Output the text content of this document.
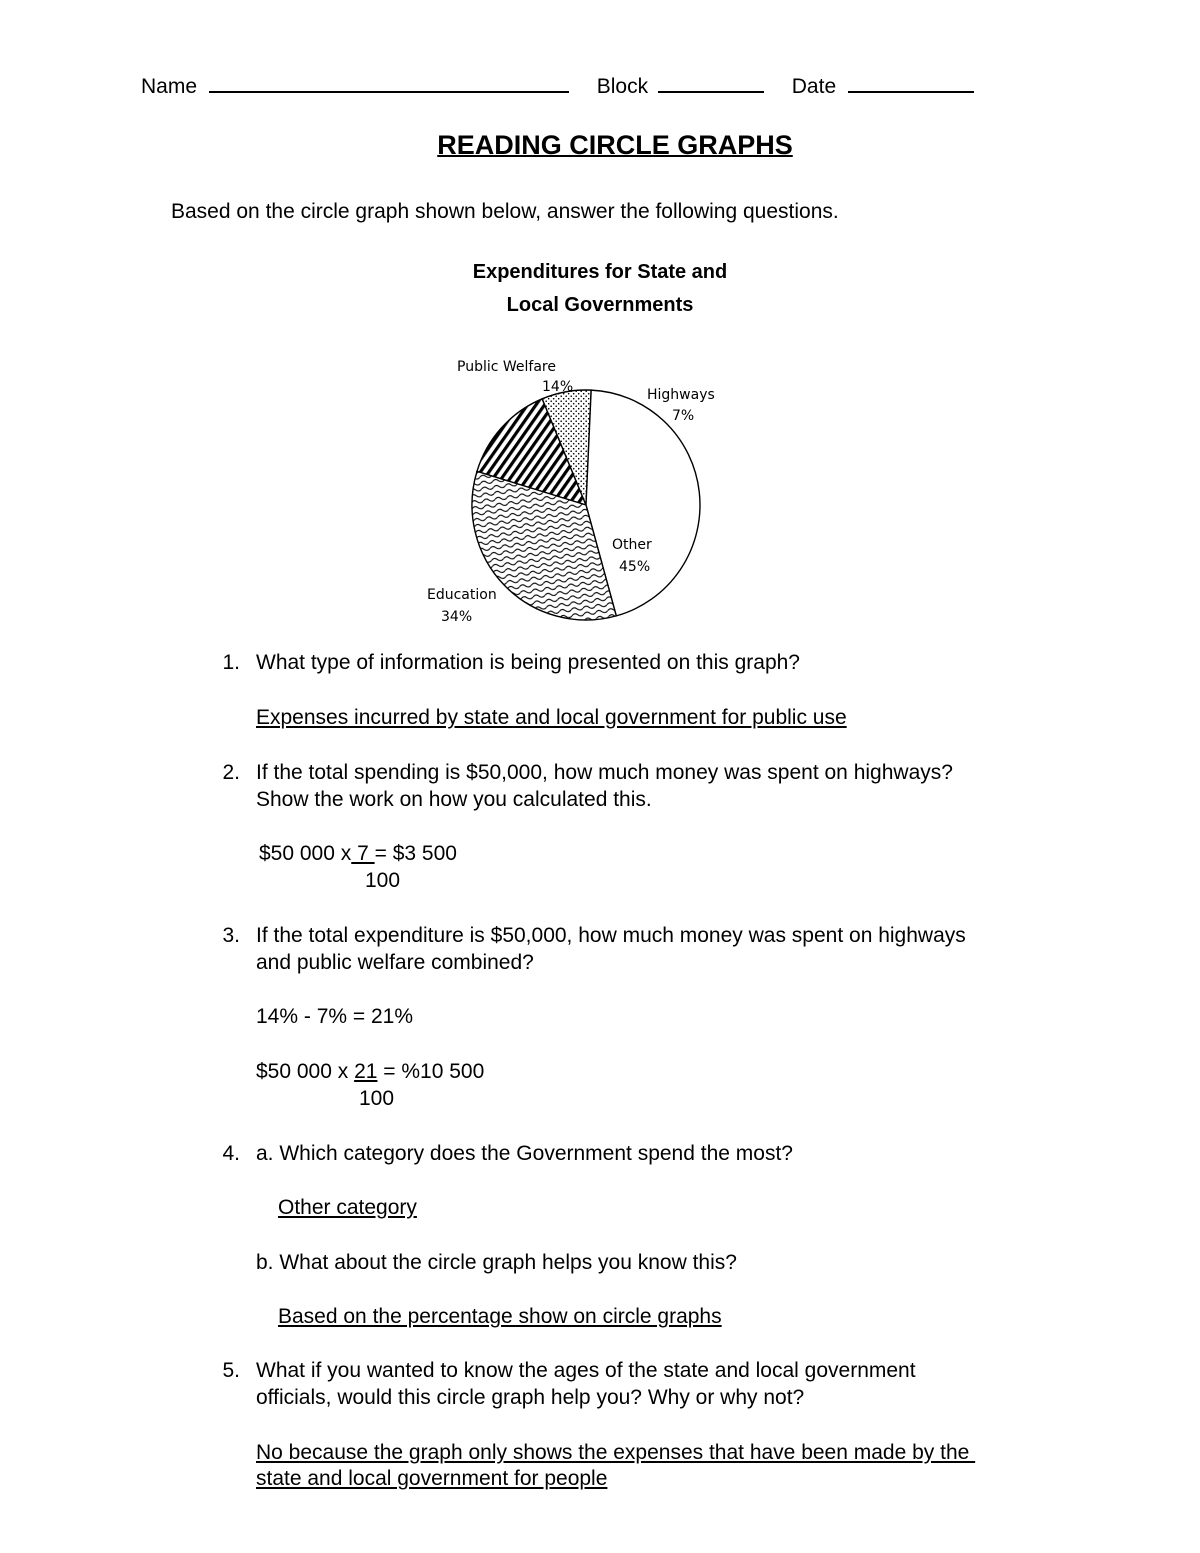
Name	Block	Date
READING CIRCLE GRAPHS
Based on the circle graph shown below, answer the following questions.
Expenditures for State and
Local Governments
Public Welfare
14%	Highways
7%
Other
45%
Education
34%
1. What type of information is being presented on this graph?
Expenses incurred by state and local government for public use
2. If the total spending is $50,000, how much money was spent on highways?
Show the work on how you calculated this.
$50 000 x 7 = $3 500
100
3. If the total expenditure is $50,000, how much money was spent on highways
and public welfare combined?
14% - 7% = 21%
$50 000 x 21 = %10 500
100
4. a. Which category does the Government spend the most?
Other category
b. What about the circle graph helps you know this?
Based on the percentage show on circle graphs
5. What if you wanted to know the ages of the state and local government
officials, would this circle graph help you? Why or why not?
No because the graph only shows the expenses that have been made by the
state and local government for people
